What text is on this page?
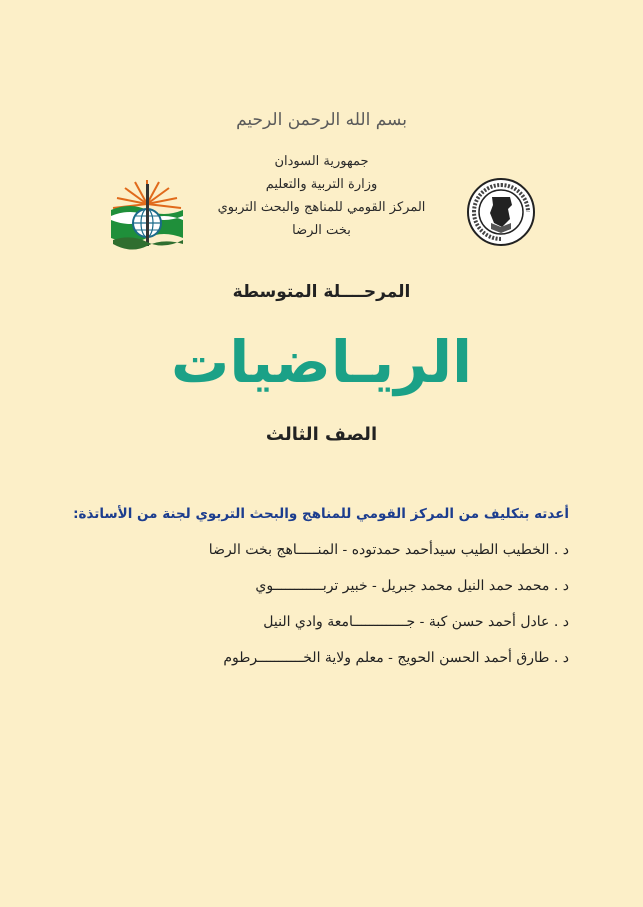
بسم الله الرحمن الرحيم
جمهورية السودان
وزارة التربية والتعليم
المركز القومي للمناهج والبحث التربوي
بخت الرضا
المرحــــلة المتوسطة
الريـاضيات
الصف الثالث
أعدته بتكليف من المركز القومي للمناهج والبحث التربوي لجنة من الأساتذة:
د . الخطيب الطيب سيدأحمد حمدتوده - المنـــــاهج بخت الرضا
د . محمد حمد النيل محمد جبريل - خبير تربــــــــــــوي
د . عادل أحمد حسن كبة - جـــــــــــــامعة وادي النيل
د . طارق أحمد الحسن الحويج - معلم ولاية الخـــــــــــرطوم
